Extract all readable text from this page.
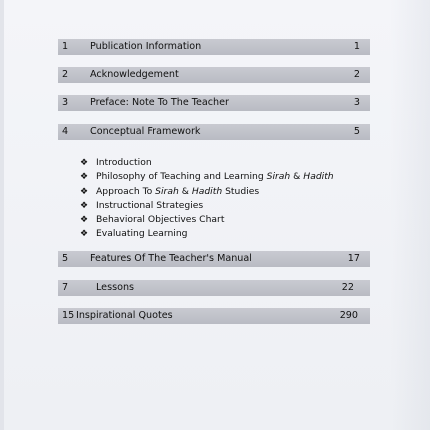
1 Publication Information	1
2 Acknowledgement	2
3 Preface: Note To The Teacher	3
4 Conceptual Framework	5
❖ Introduction
❖ Philosophy of Teaching and Learning Sirah & Hadith
❖ Approach To Sirah & Hadith Studies
❖ Instructional Strategies
❖ Behavioral Objectives Chart
❖ Evaluating Learning
5 Features Of The Teacher's Manual	17
7	Lessons	22
15 Inspirational Quotes	290
